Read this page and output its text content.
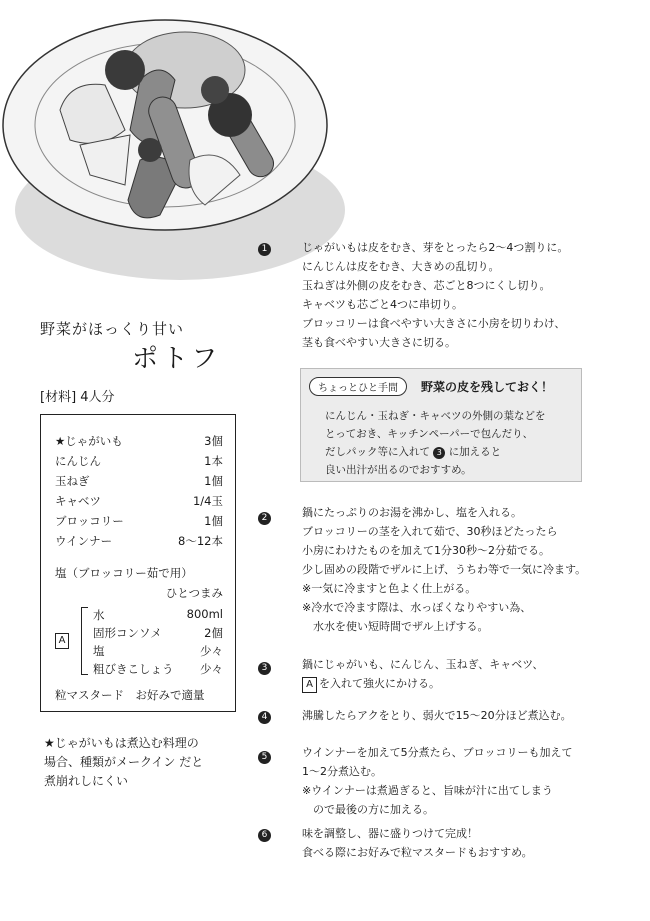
野菜がほっくり甘い
ポトフ
[材料] 4人分
★じゃがいも	3個
にんじん	1本
玉ねぎ	1個
キャベツ	1/4玉
ブロッコリー	1個
ウインナー	8〜12本
塩（ブロッコリー茹で用）
ひとつまみ
A
水	800ml
固形コンソメ	2個
塩	少々
粗びきこしょう 少々
粒マスタード　お好みで適量
★じゃがいもは煮込む料理の
場合、種類がメークイン だと
煮崩れしにくい
1	じゃがいもは皮をむき、芽をとったら2〜4つ割りに。
にんじんは皮をむき、大きめの乱切り。
玉ねぎは外側の皮をむき、芯ごと8つにくし切り。
キャベツも芯ごと4つに串切り。
ブロッコリーは食べやすい大きさに小房を切りわけ、
茎も食べやすい大きさに切る。
ちょっとひと手間	野菜の皮を残しておく！
にんじん・玉ねぎ・キャベツの外側の葉などを
とっておき、キッチンペーパーで包んだり、
だしパック等に入れて 3 に加えると
良い出汁が出るのでおすすめ。
2	鍋にたっぷりのお湯を沸かし、塩を入れる。
ブロッコリーの茎を入れて茹で、30秒ほどたったら
小房にわけたものを加えて1分30秒〜2分茹でる。
少し固めの段階でザルに上げ、うちわ等で一気に冷ます。
※一気に冷ますと色よく仕上がる。
※冷水で冷ます際は、水っぽくなりやすい為、
　水水を使い短時間でザル上げする。
3	鍋にじゃがいも、にんじん、玉ねぎ、キャベツ、
A を入れて強火にかける。
4	沸騰したらアクをとり、弱火で15〜20分ほど煮込む。
5	ウインナーを加えて5分煮たら、ブロッコリーも加えて
1〜2分煮込む。
※ウインナーは煮過ぎると、旨味が汁に出てしまう
　ので最後の方に加える。
6	味を調整し、器に盛りつけて完成！
食べる際にお好みで粒マスタードもおすすめ。
